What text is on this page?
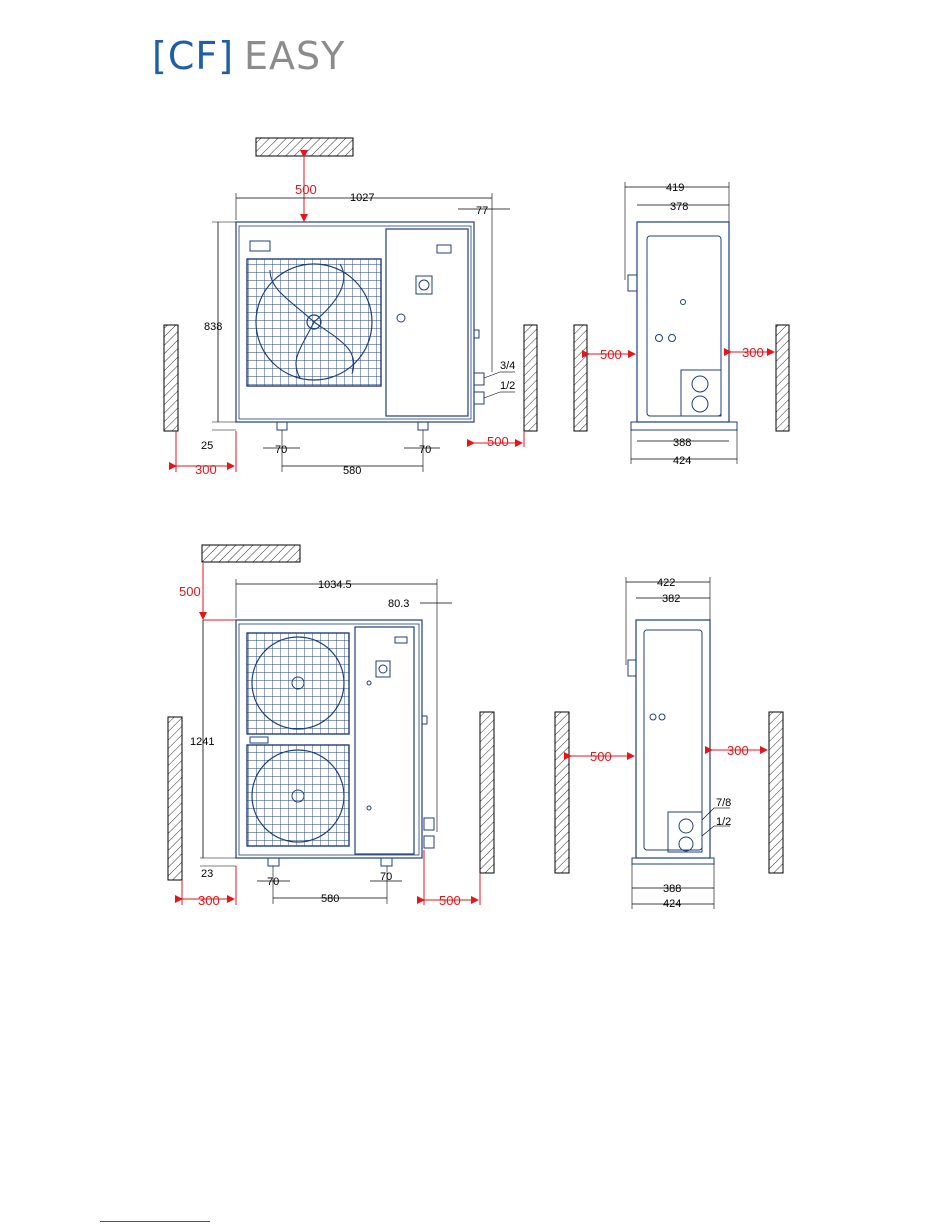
[CF] EASY
500
1027
77
838
25	70	70
580
300
500
3/4
1/2
419
378
500	300
388
424
1034.5
80.3
500
1241
23
70	70
580
300	500
422
382
500	300
7/8
1/2
388
424
